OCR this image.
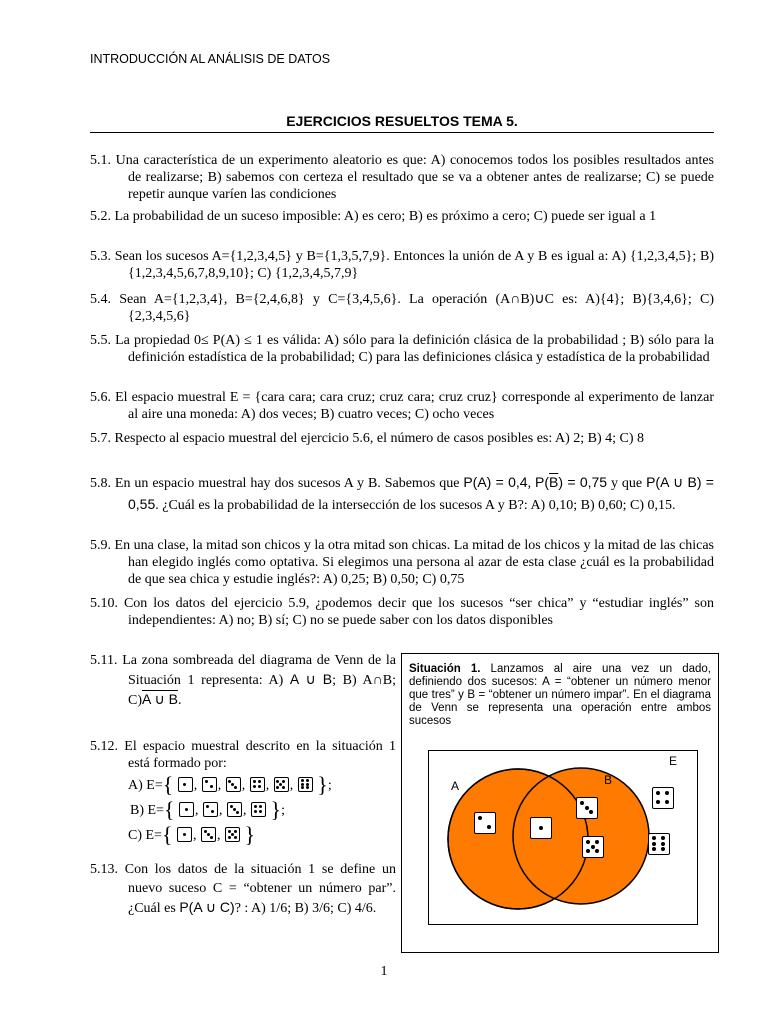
INTRODUCCIÓN AL ANÁLISIS DE DATOS
EJERCICIOS RESUELTOS TEMA 5.
5.1. Una característica de un experimento aleatorio es que: A) conocemos todos los posibles resultados antes de realizarse; B) sabemos con certeza el resultado que se va a obtener antes de realizarse; C) se puede repetir aunque varíen las condiciones
5.2. La probabilidad de un suceso imposible: A) es cero; B) es próximo a cero; C) puede ser igual a 1
5.3. Sean los sucesos A={1,2,3,4,5} y B={1,3,5,7,9}. Entonces la unión de A y B es igual a: A) {1,2,3,4,5}; B) {1,2,3,4,5,6,7,8,9,10}; C) {1,2,3,4,5,7,9}
5.4. Sean A={1,2,3,4}, B={2,4,6,8} y C={3,4,5,6}. La operación (A∩B)∪C es: A){4}; B){3,4,6}; C){2,3,4,5,6}
5.5. La propiedad 0≤ P(A) ≤ 1 es válida: A) sólo para la definición clásica de la probabilidad ; B) sólo para la definición estadística de la probabilidad; C) para las definiciones clásica y estadística de la probabilidad
5.6. El espacio muestral E = {cara cara; cara cruz; cruz cara; cruz cruz} corresponde al experimento de lanzar al aire una moneda: A) dos veces; B) cuatro veces; C) ocho veces
5.7. Respecto al espacio muestral del ejercicio 5.6, el número de casos posibles es: A) 2; B) 4; C) 8
5.8. En un espacio muestral hay dos sucesos A y B. Sabemos que P(A) = 0,4, $P(\overline{B}) = 0,75$ y que P(A ∪ B) = 0,55. ¿Cuál es la probabilidad de la intersección de los sucesos A y B?: A) 0,10; B) 0,60; C) 0,15.
5.9. En una clase, la mitad son chicos y la otra mitad son chicas. La mitad de los chicos y la mitad de las chicas han elegido inglés como optativa. Si elegimos una persona al azar de esta clase ¿cuál es la probabilidad de que sea chica y estudie inglés?: A) 0,25; B) 0,50; C) 0,75
5.10. Con los datos del ejercicio 5.9, ¿podemos decir que los sucesos “ser chica” y “estudiar inglés” son independientes: A) no; B) sí; C) no se puede saber con los datos disponibles
5.11. La zona sombreada del diagrama de Venn de la Situación 1 representa: A) A ∪ B; B) A∩B; C)A ∪ B.
5.12. El espacio muestral descrito en la situación 1 está formado por:
A) E={ ,
,
,
,
,
};
B) E={ ,
,
,
};
C) E={ ,
,
}
5.13. Con los datos de la situación 1 se define un nuevo suceso C = “obtener un número par”. ¿Cuál es P(A ∪ C)? : A) 1/6; B) 3/6; C) 4/6.
Situación 1. Lanzamos al aire una vez un dado, definiendo dos sucesos: A = “obtener un número menor que tres” y B = “obtener un número impar”. En el diagrama de Venn se representa una operación entre ambos sucesos
E
A	B
1
